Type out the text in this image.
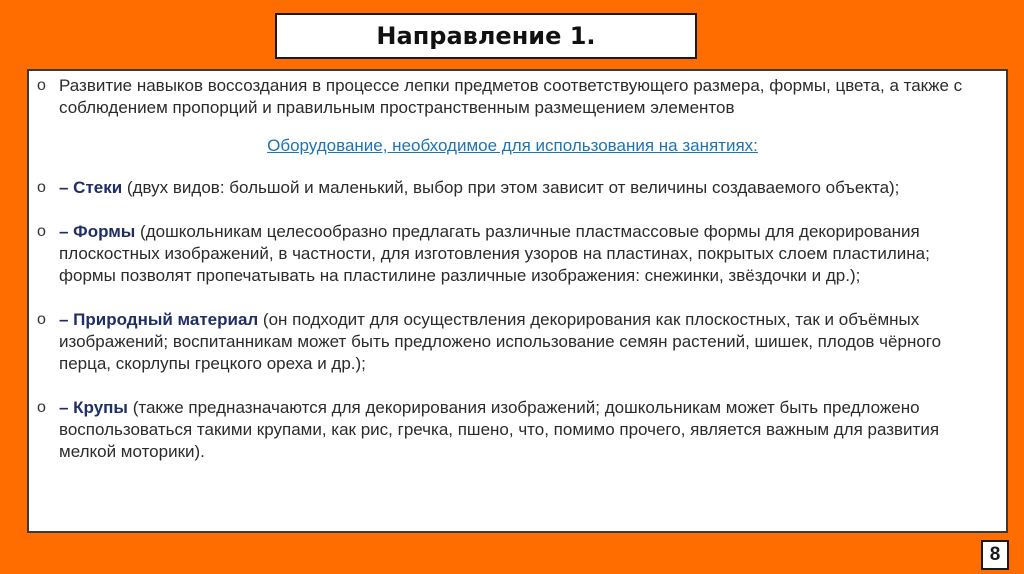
Направление 1.
o Развитие навыков воссоздания в процессе лепки предметов соответствующего размера, формы, цвета, а также с соблюдением пропорций и правильным пространственным размещением элементов
Оборудование, необходимое для использования на занятиях:
o – Стеки (двух видов: большой и маленький, выбор при этом зависит от величины создаваемого объекта);
o – Формы (дошкольникам целесообразно предлагать различные пластмассовые формы для декорирования плоскостных изображений, в частности, для изготовления узоров на пластинах, покрытых слоем пластилина; формы позволят пропечатывать на пластилине различные изображения: снежинки, звёздочки и др.);
o – Природный материал (он подходит для осуществления декорирования как плоскостных, так и объёмных изображений; воспитанникам может быть предложено использование семян растений, шишек, плодов чёрного перца, скорлупы грецкого ореха и др.);
o – Крупы (также предназначаются для декорирования изображений; дошкольникам может быть предложено воспользоваться такими крупами, как рис, гречка, пшено, что, помимо прочего, является важным для развития мелкой моторики).
8
